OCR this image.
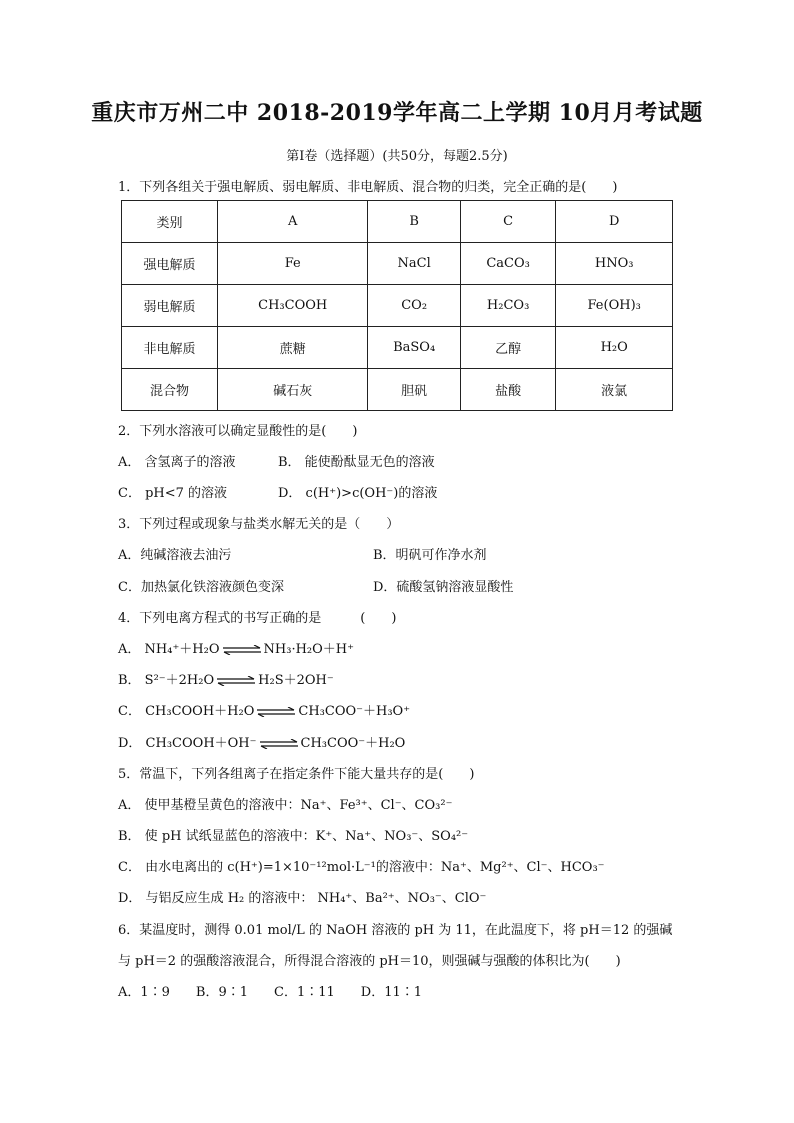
重庆市万州二中 2018-2019学年高二上学期 10月月考试题
第Ⅰ卷（选择题）(共50分，每题2.5分)
1．下列各组关于强电解质、弱电解质、非电解质、混合物的归类，完全正确的是(　　)
类别	A	B	C	D
强电解质	Fe	NaCl	CaCO₃	HNO₃
弱电解质	CH₃COOH	CO₂	H₂CO₃	Fe(OH)₃
非电解质	蔗糖	BaSO₄	乙醇	H₂O
混合物	碱石灰	胆矾	盐酸	液氯
2．下列水溶液可以确定显酸性的是(　　)
A． 含氢离子的溶液	B． 能使酚酞显无色的溶液
C． pH<7 的溶液	D． c(H⁺)>c(OH⁻)的溶液
3．下列过程或现象与盐类水解无关的是（　　）
A．纯碱溶液去油污	B．明矾可作净水剂
C．加热氯化铁溶液颜色变深	D．硫酸氢钠溶液显酸性
4．下列电离方程式的书写正确的是　　　(　　)
A． NH₄⁺＋H₂O ⇌ NH₃·H₂O＋H⁺
B． S²⁻＋2H₂O ⇌ H₂S＋2OH⁻
C． CH₃COOH＋H₂O ⇌ CH₃COO⁻＋H₃O⁺
D． CH₃COOH＋OH⁻ ⇌ CH₃COO⁻＋H₂O
5．常温下，下列各组离子在指定条件下能大量共存的是(　　)
A． 使甲基橙呈黄色的溶液中：Na⁺、Fe³⁺、Cl⁻、CO₃²⁻
B． 使 pH 试纸显蓝色的溶液中：K⁺、Na⁺、NO₃⁻、SO₄²⁻
C． 由水电离出的 c(H⁺)=1×10⁻¹²mol·L⁻¹的溶液中：Na⁺、Mg²⁺、Cl⁻、HCO₃⁻
D． 与铝反应生成 H₂ 的溶液中： NH₄⁺、Ba²⁺、NO₃⁻、ClO⁻
6．某温度时，测得 0.01 mol/L 的 NaOH 溶液的 pH 为 11，在此温度下，将 pH＝12 的强碱
与 pH＝2 的强酸溶液混合，所得混合溶液的 pH＝10，则强碱与强酸的体积比为(　　)
A．1∶9　　B．9∶1　　C．1∶11　　D．11∶1
